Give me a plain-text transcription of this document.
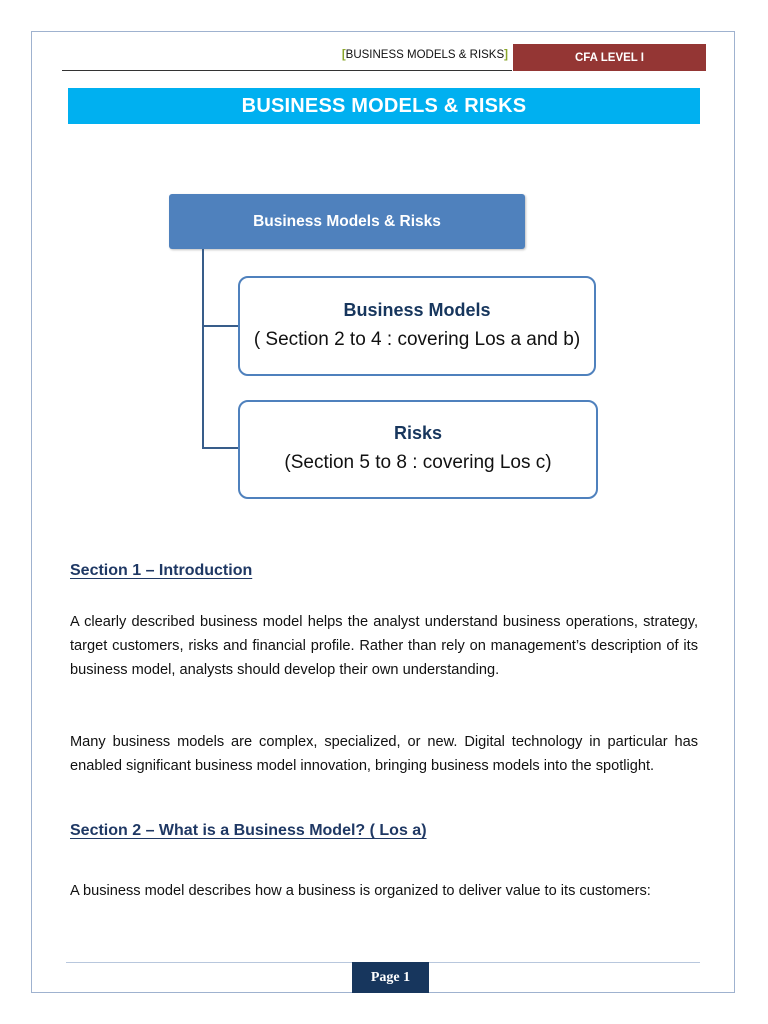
[BUSINESS MODELS & RISKS]	CFA LEVEL I
BUSINESS MODELS & RISKS
Business Models & Risks
Business Models
( Section 2 to 4 : covering Los a and b)
Risks
(Section 5 to 8 : covering Los c)
Section 1 – Introduction

A clearly described business model helps the analyst understand business operations, strategy, target customers, risks and financial profile. Rather than rely on management’s description of its business model, analysts should develop their own understanding.

Many business models are complex, specialized, or new. Digital technology in particular has enabled significant business model innovation, bringing business models into the spotlight.

Section 2 – What is a Business Model? ( Los a)

A business model describes how a business is organized to deliver value to its customers:

Page 1
